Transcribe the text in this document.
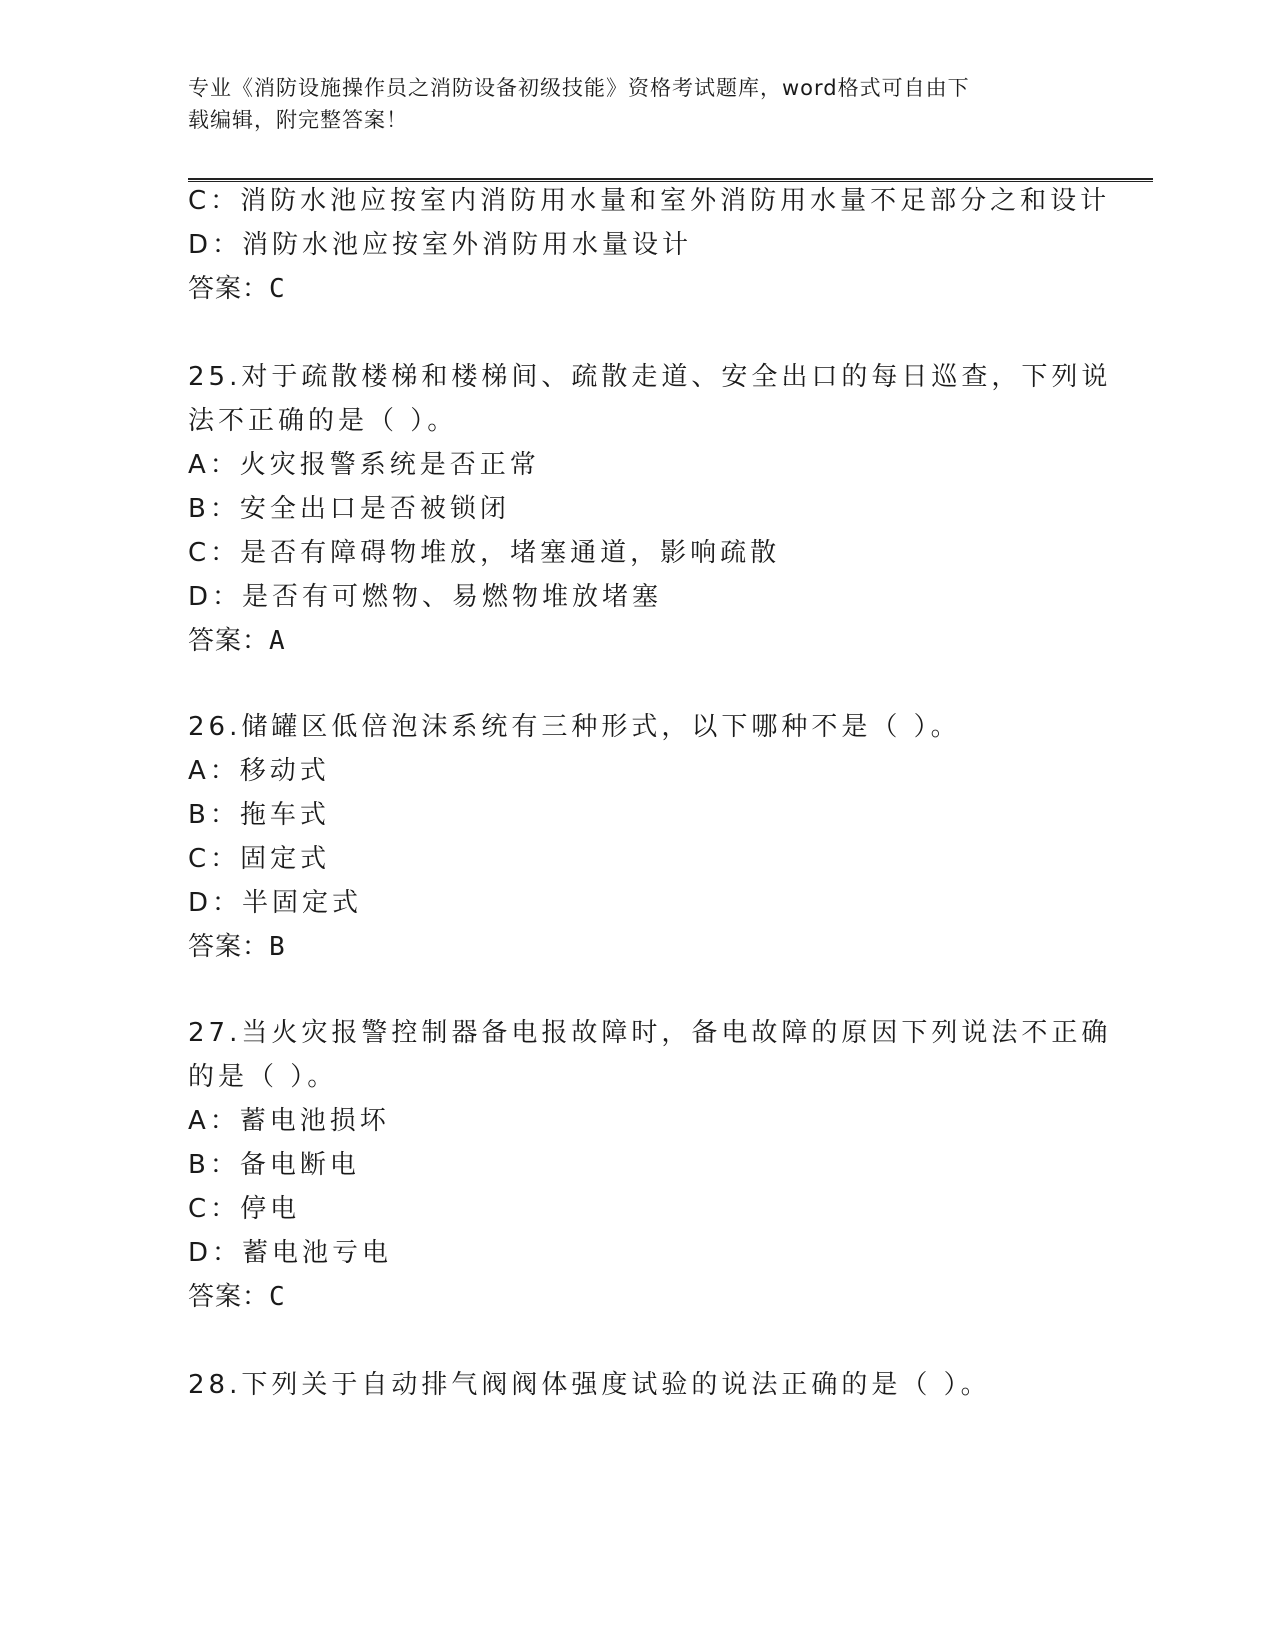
专业《消防设施操作员之消防设备初级技能》资格考试题库，word格式可自由下
载编辑，附完整答案！
C：消防水池应按室内消防用水量和室外消防用水量不足部分之和设计
D：消防水池应按室外消防用水量设计
答案：C
25.对于疏散楼梯和楼梯间、疏散走道、安全出口的每日巡查，下列说
法不正确的是（ ）。
A：火灾报警系统是否正常
B：安全出口是否被锁闭
C：是否有障碍物堆放，堵塞通道，影响疏散
D：是否有可燃物、易燃物堆放堵塞
答案：A
26.储罐区低倍泡沫系统有三种形式，以下哪种不是（ ）。
A：移动式
B：拖车式
C：固定式
D：半固定式
答案：B
27.当火灾报警控制器备电报故障时，备电故障的原因下列说法不正确
的是（ ）。
A：蓄电池损坏
B：备电断电
C：停电
D：蓄电池亏电
答案：C
28.下列关于自动排气阀阀体强度试验的说法正确的是（ ）。
